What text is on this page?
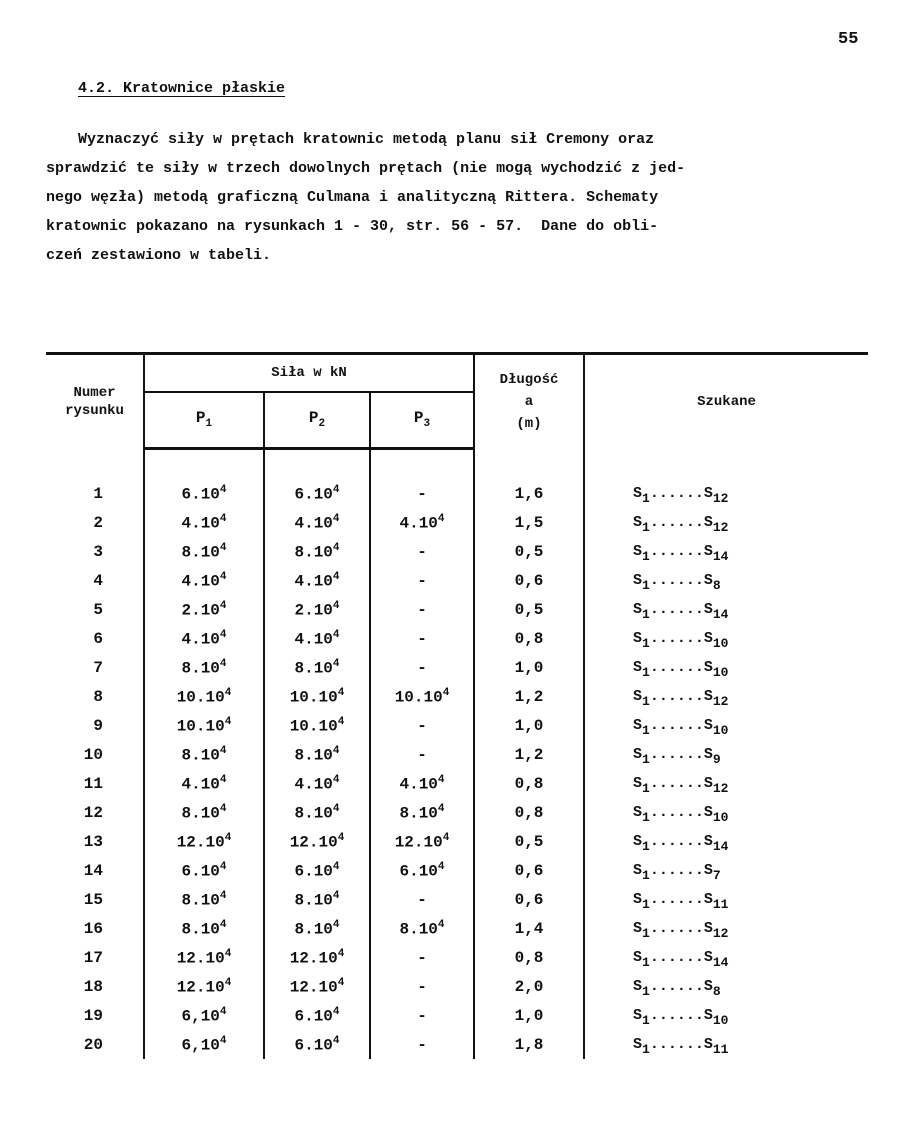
55
4.2. Kratownice płaskie
Wyznaczyć siły w prętach kratownic metodą planu sił Cremony oraz
sprawdzić te siły w trzech dowolnych prętach (nie mogą wychodzić z jed-
nego węzła) metodą graficzną Culmana i analityczną Rittera. Schematy
kratownic pokazano na rysunkach 1 - 30, str. 56 - 57.  Dane do obli-
czeń zestawiono w tabeli.
Numer rysunku	Siła w kN			Długość
a
(m)	Szukane
	$P_1$	$P_2$	$P_3$

1	6.10$^4$	6.10$^4$	-	1,6	S1......S12
2	4.10$^4$	4.10$^4$	4.10$^4$	1,5	S1......S12
3	8.10$^4$	8.10$^4$	-	0,5	S1......S14
4	4.10$^4$	4.10$^4$	-	0,6	S1......S8
5	2.10$^4$	2.10$^4$	-	0,5	S1......S14
6	4.10$^4$	4.10$^4$	-	0,8	S1......S10
7	8.10$^4$	8.10$^4$	-	1,0	S1......S10
8	10.10$^4$	10.10$^4$	10.10$^4$	1,2	S1......S12
9	10.10$^4$	10.10$^4$	-	1,0	S1......S10
10	8.10$^4$	8.10$^4$	-	1,2	S1......S9
11	4.10$^4$	4.10$^4$	4.10$^4$	0,8	S1......S12
12	8.10$^4$	8.10$^4$	8.10$^4$	0,8	S1......S10
13	12.10$^4$	12.10$^4$	12.10$^4$	0,5	S1......S14
14	6.10$^4$	6.10$^4$	6.10$^4$	0,6	S1......S7
15	8.10$^4$	8.10$^4$	-	0,6	S1......S11
16	8.10$^4$	8.10$^4$	8.10$^4$	1,4	S1......S12
17	12.10$^4$	12.10$^4$	-	0,8	S1......S14
18	12.10$^4$	12.10$^4$	-	2,0	S1......S8
19	6,10$^4$	6.10$^4$	-	1,0	S1......S10
20	6,10$^4$	6.10$^4$	-	1,8	S1......S11
